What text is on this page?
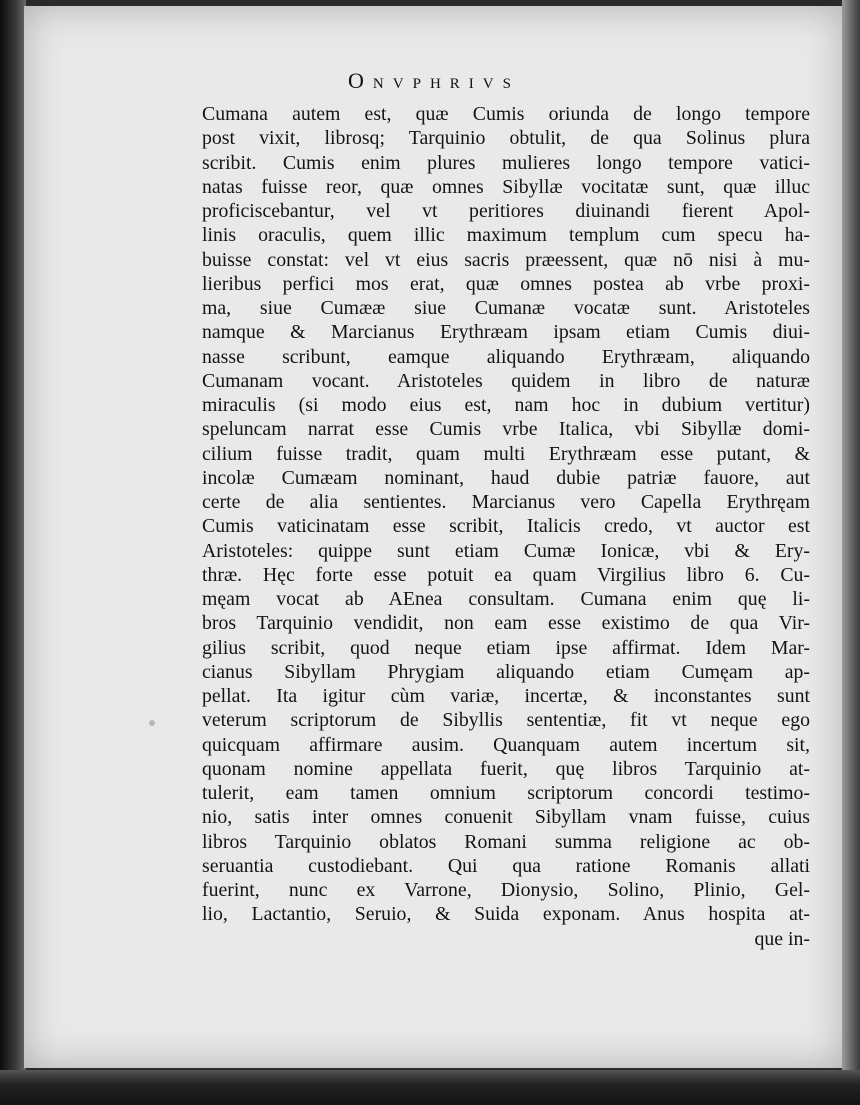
Onvphrivs
Cumana autem est, quæ Cumis oriunda de longo tempore
post vixit, librosq; Tarquinio obtulit, de qua Solinus plura
scribit. Cumis enim plures mulieres longo tempore vatici-
natas fuisse reor, quæ omnes Sibyllæ vocitatæ sunt, quæ illuc
proficiscebantur, vel vt peritiores diuinandi fierent Apol-
linis oraculis, quem illic maximum templum cum specu ha-
buisse constat: vel vt eius sacris præessent, quæ nō nisi à mu-
lieribus perfici mos erat, quæ omnes postea ab vrbe proxi-
ma, siue Cumææ siue Cumanæ vocatæ sunt. Aristoteles
namque & Marcianus Erythræam ipsam etiam Cumis diui-
nasse scribunt, eamque aliquando Erythræam, aliquando
Cumanam vocant. Aristoteles quidem in libro de naturæ
miraculis (si modo eius est, nam hoc in dubium vertitur)
speluncam narrat esse Cumis vrbe Italica, vbi Sibyllæ domi-
cilium fuisse tradit, quam multi Erythræam esse putant, &
incolæ Cumæam nominant, haud dubie patriæ fauore, aut
certe de alia sentientes. Marcianus vero Capella Erythręam
Cumis vaticinatam esse scribit, Italicis credo, vt auctor est
Aristoteles: quippe sunt etiam Cumæ Ionicæ, vbi & Ery-
thræ. Hęc forte esse potuit ea quam Virgilius libro 6. Cu-
męam vocat ab AEnea consultam. Cumana enim quę li-
bros Tarquinio vendidit, non eam esse existimo de qua Vir-
gilius scribit, quod neque etiam ipse affirmat. Idem Mar-
cianus Sibyllam Phrygiam aliquando etiam Cumęam ap-
pellat. Ita igitur cùm variæ, incertæ, & inconstantes sunt
veterum scriptorum de Sibyllis sententiæ, fit vt neque ego
quicquam affirmare ausim. Quanquam autem incertum sit,
quonam nomine appellata fuerit, quę libros Tarquinio at-
tulerit, eam tamen omnium scriptorum concordi testimo-
nio, satis inter omnes conuenit Sibyllam vnam fuisse, cuius
libros Tarquinio oblatos Romani summa religione ac ob-
seruantia custodiebant. Qui qua ratione Romanis allati
fuerint, nunc ex Varrone, Dionysio, Solino, Plinio, Gel-
lio, Lactantio, Seruio, & Suida exponam. Anus hospita at-
que in-
